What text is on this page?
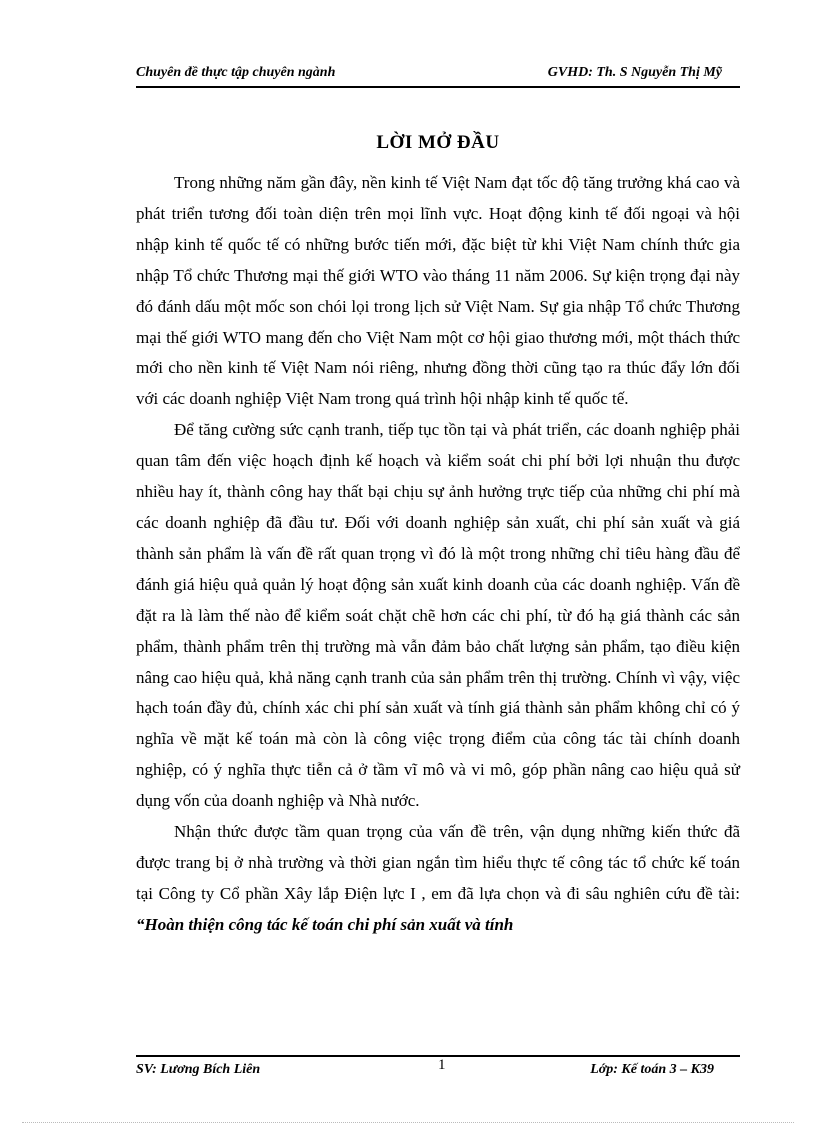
Chuyên đề thực tập chuyên ngành	GVHD: Th. S Nguyễn Thị Mỹ
LỜI MỞ ĐẦU

Trong những năm gần đây, nền kinh tế Việt Nam đạt tốc độ tăng trưởng khá cao và phát triển tương đối toàn diện trên mọi lĩnh vực. Hoạt động kinh tế đối ngoại và hội nhập kinh tế quốc tế có những bước tiến mới, đặc biệt từ khi Việt Nam chính thức gia nhập Tổ chức Thương mại thế giới WTO vào tháng 11 năm 2006. Sự kiện trọng đại này đó đánh dấu một mốc son chói lọi trong lịch sử Việt Nam. Sự gia nhập Tổ chức Thương mại thế giới WTO mang đến cho Việt Nam một cơ hội giao thương mới, một thách thức mới cho nền kinh tế Việt Nam nói riêng, nhưng đồng thời cũng tạo ra thúc đẩy lớn đối với các doanh nghiệp Việt Nam trong quá trình hội nhập kinh tế quốc tế.

Để tăng cường sức cạnh tranh, tiếp tục tồn tại và phát triển, các doanh nghiệp phải quan tâm đến việc hoạch định kế hoạch và kiểm soát chi phí bởi lợi nhuận thu được nhiều hay ít, thành công hay thất bại chịu sự ảnh hưởng trực tiếp của những chi phí mà các doanh nghiệp đã đầu tư. Đối với doanh nghiệp sản xuất, chi phí sản xuất và giá thành sản phẩm là vấn đề rất quan trọng vì đó là một trong những chỉ tiêu hàng đầu để đánh giá hiệu quả quản lý hoạt động sản xuất kinh doanh của các doanh nghiệp. Vấn đề đặt ra là làm thế nào để kiểm soát chặt chẽ hơn các chi phí, từ đó hạ giá thành các sản phẩm, thành phẩm trên thị trường mà vẫn đảm bảo chất lượng sản phẩm, tạo điều kiện nâng cao hiệu quả, khả năng cạnh tranh của sản phẩm trên thị trường. Chính vì vậy, việc hạch toán đầy đủ, chính xác chi phí sản xuất và tính giá thành sản phẩm không chỉ có ý nghĩa về mặt kế toán mà còn là công việc trọng điểm của công tác tài chính doanh nghiệp, có ý nghĩa thực tiễn cả ở tầm vĩ mô và vi mô, góp phần nâng cao hiệu quả sử dụng vốn của doanh nghiệp và Nhà nước.

Nhận thức được tầm quan trọng của vấn đề trên, vận dụng những kiến thức đã được trang bị ở nhà trường và thời gian ngắn tìm hiểu thực tế công tác tổ chức kế toán tại Công ty Cổ phần Xây lắp Điện lực I , em đã lựa chọn và đi sâu nghiên cứu đề tài: “Hoàn thiện công tác kế toán chi phí sản xuất và tính

SV: Lương Bích Liên	1	Lớp: Kế toán 3 – K39
